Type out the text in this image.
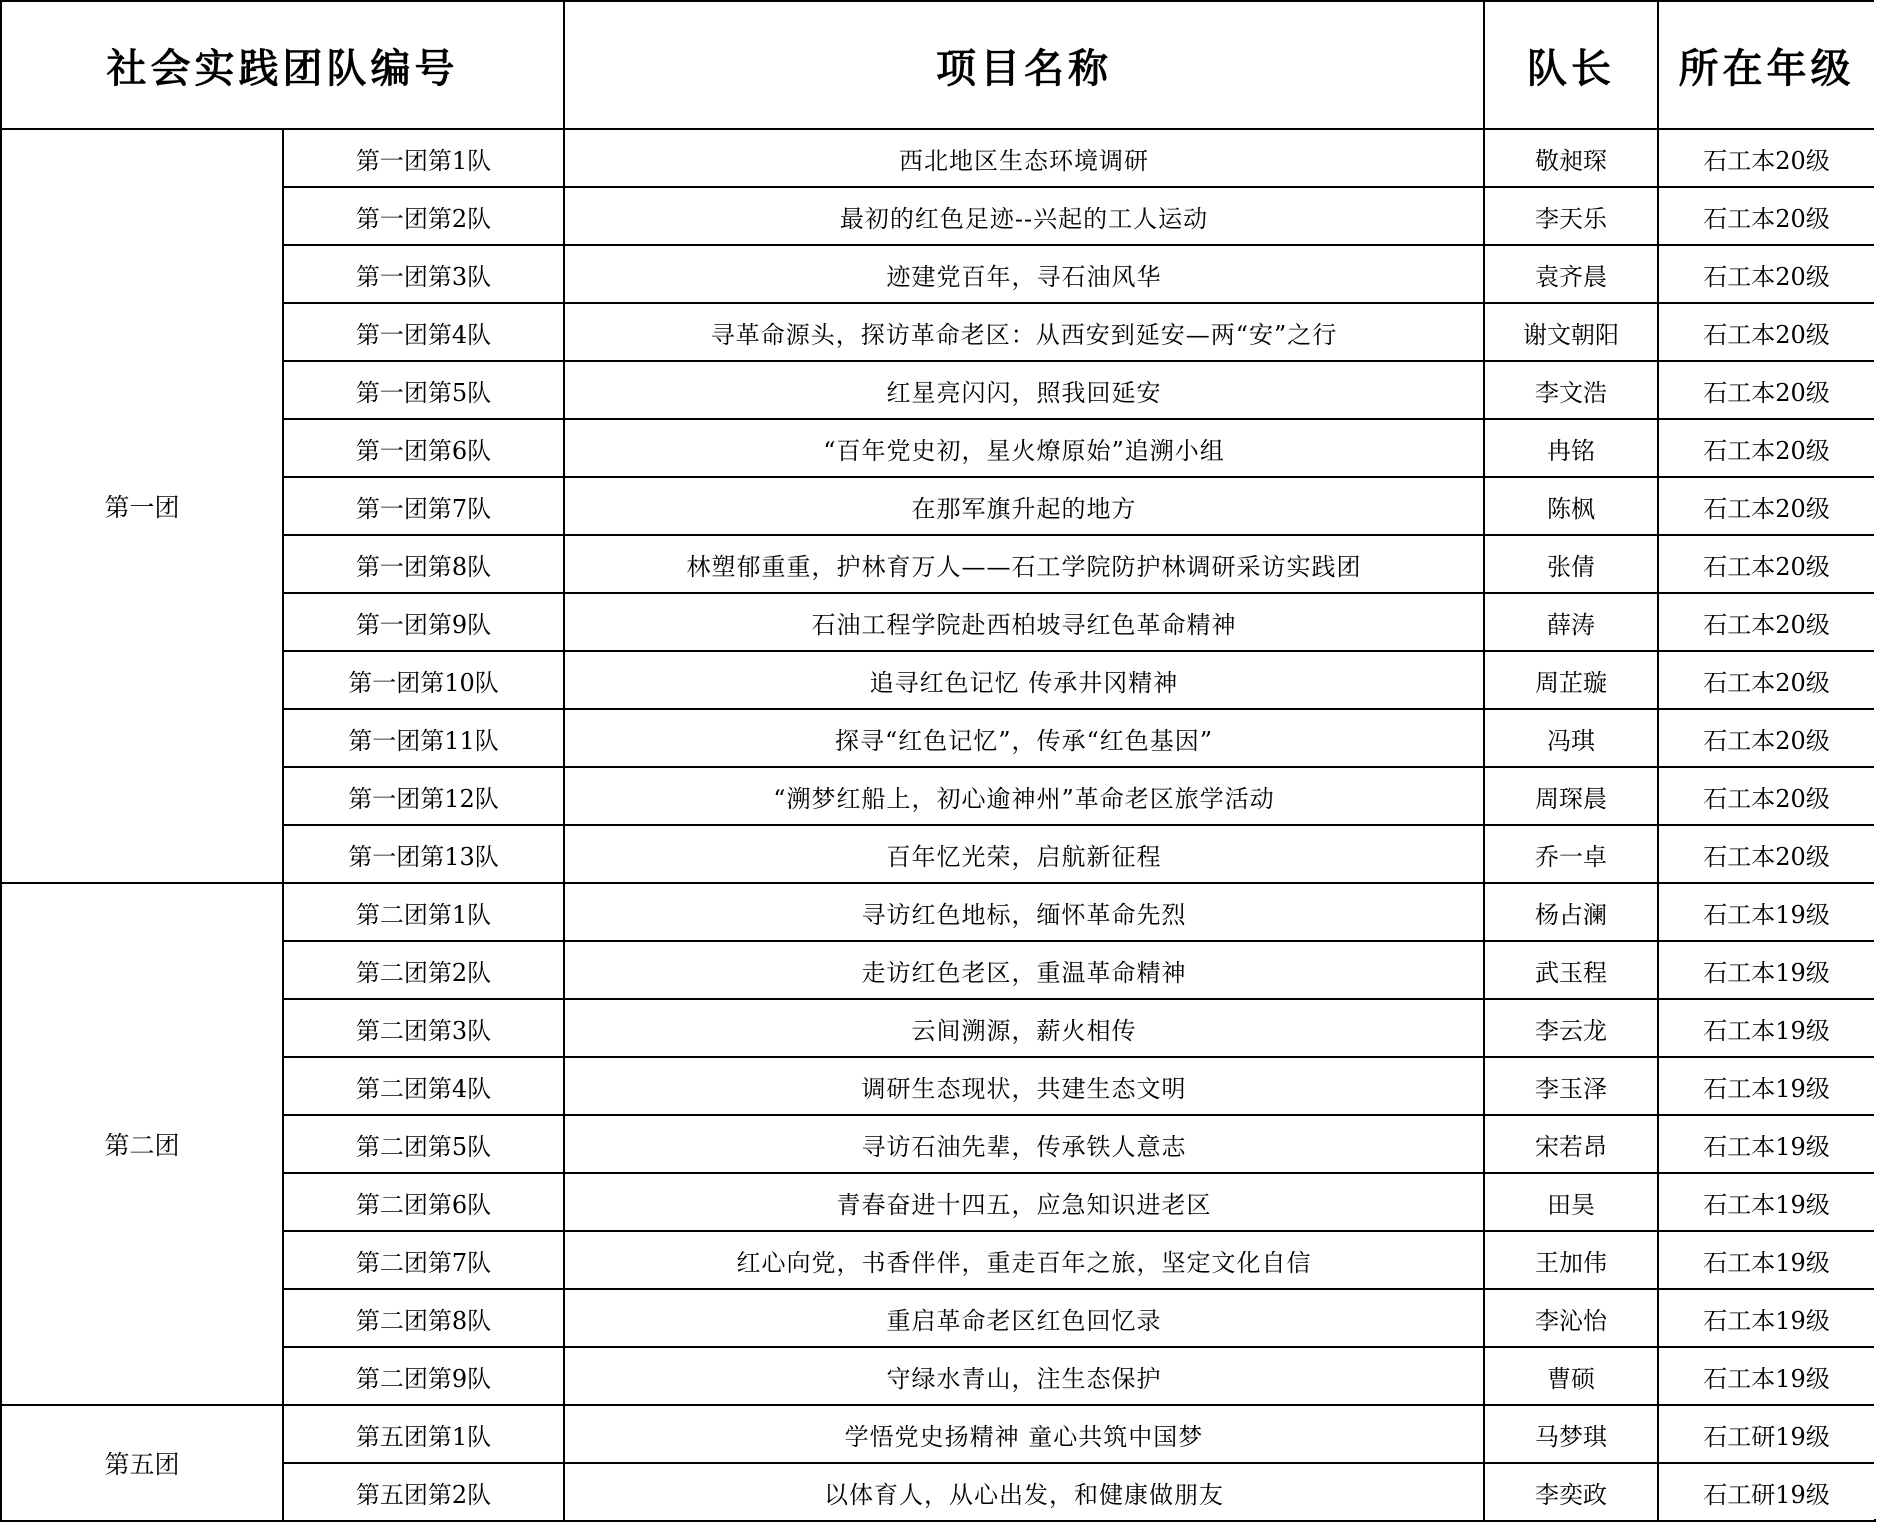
社会实践团队编号		项目名称	队长	所在年级
第一团	第一团第1队	西北地区生态环境调研	敬昶琛	石工本20级
	第一团第2队	最初的红色足迹--兴起的工人运动	李天乐	石工本20级
	第一团第3队	迹建党百年，寻石油风华	袁齐晨	石工本20级
	第一团第4队	寻革命源头，探访革命老区：从西安到延安—两“安”之行	谢文朝阳	石工本20级
	第一团第5队	红星亮闪闪，照我回延安	李文浩	石工本20级
	第一团第6队	“百年党史初，星火燎原始”追溯小组	冉铭	石工本20级
	第一团第7队	在那军旗升起的地方	陈枫	石工本20级
	第一团第8队	林塑郁重重，护林育万人——石工学院防护林调研采访实践团	张倩	石工本20级
	第一团第9队	石油工程学院赴西柏坡寻红色革命精神	薛涛	石工本20级
	第一团第10队	追寻红色记忆 传承井冈精神	周芷璇	石工本20级
	第一团第11队	探寻“红色记忆”，传承“红色基因”	冯琪	石工本20级
	第一团第12队	“溯梦红船上，初心逾神州”革命老区旅学活动	周琛晨	石工本20级
	第一团第13队	百年忆光荣，启航新征程	乔一卓	石工本20级
第二团	第二团第1队	寻访红色地标，缅怀革命先烈	杨占澜	石工本19级
	第二团第2队	走访红色老区，重温革命精神	武玉程	石工本19级
	第二团第3队	云间溯源，薪火相传	李云龙	石工本19级
	第二团第4队	调研生态现状，共建生态文明	李玉泽	石工本19级
	第二团第5队	寻访石油先辈，传承铁人意志	宋若昂	石工本19级
	第二团第6队	青春奋进十四五，应急知识进老区	田昊	石工本19级
	第二团第7队	红心向党，书香伴伴，重走百年之旅，坚定文化自信	王加伟	石工本19级
	第二团第8队	重启革命老区红色回忆录	李沁怡	石工本19级
	第二团第9队	守绿水青山，注生态保护	曹硕	石工本19级
第五团	第五团第1队	学悟党史扬精神 童心共筑中国梦	马梦琪	石工研19级
	第五团第2队	以体育人，从心出发，和健康做朋友	李奕政	石工研19级
